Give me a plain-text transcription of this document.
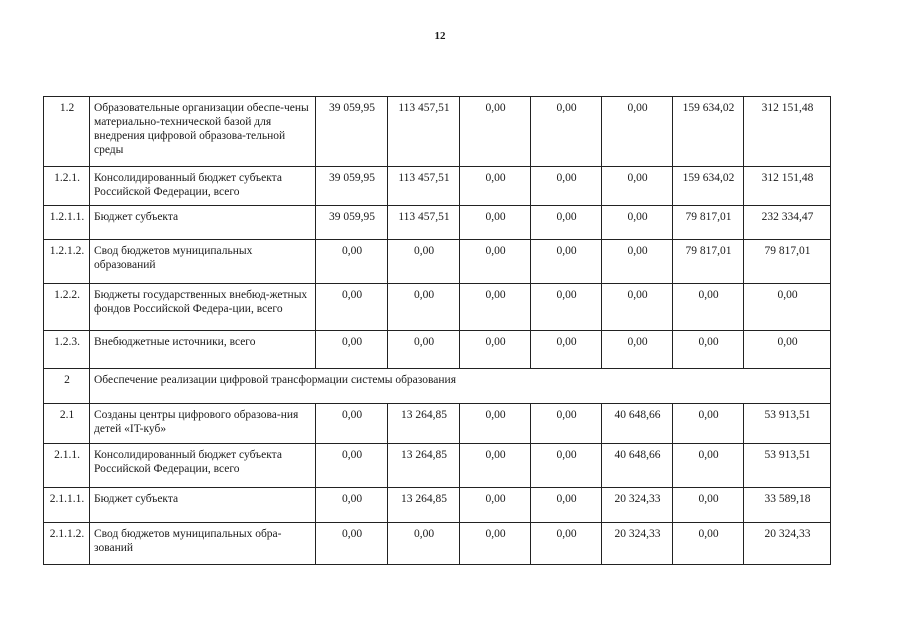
12
1.2	Образовательные организации обеспе-чены материально-технической базой для внедрения цифровой образова-тельной среды	39 059,95	113 457,51	0,00	0,00	0,00	159 634,02	312 151,48
1.2.1.	Консолидированный бюджет субъекта Российской Федерации, всего	39 059,95	113 457,51	0,00	0,00	0,00	159 634,02	312 151,48
1.2.1.1.	Бюджет субъекта	39 059,95	113 457,51	0,00	0,00	0,00	79 817,01	232 334,47
1.2.1.2.	Свод бюджетов муниципальных образований	0,00	0,00	0,00	0,00	0,00	79 817,01	79 817,01
1.2.2.	Бюджеты государственных внебюд-жетных фондов Российской Федера-ции, всего	0,00	0,00	0,00	0,00	0,00	0,00	0,00
1.2.3.	Внебюджетные источники, всего	0,00	0,00	0,00	0,00	0,00	0,00	0,00
2	Обеспечение реализации цифровой трансформации системы образования							
2.1	Созданы центры цифрового образова-ния детей «IT-куб»	0,00	13 264,85	0,00	0,00	40 648,66	0,00	53 913,51
2.1.1.	Консолидированный бюджет субъекта Российской Федерации, всего	0,00	13 264,85	0,00	0,00	40 648,66	0,00	53 913,51
2.1.1.1.	Бюджет субъекта	0,00	13 264,85	0,00	0,00	20 324,33	0,00	33 589,18
2.1.1.2.	Свод бюджетов муниципальных обра-зований	0,00	0,00	0,00	0,00	20 324,33	0,00	20 324,33
